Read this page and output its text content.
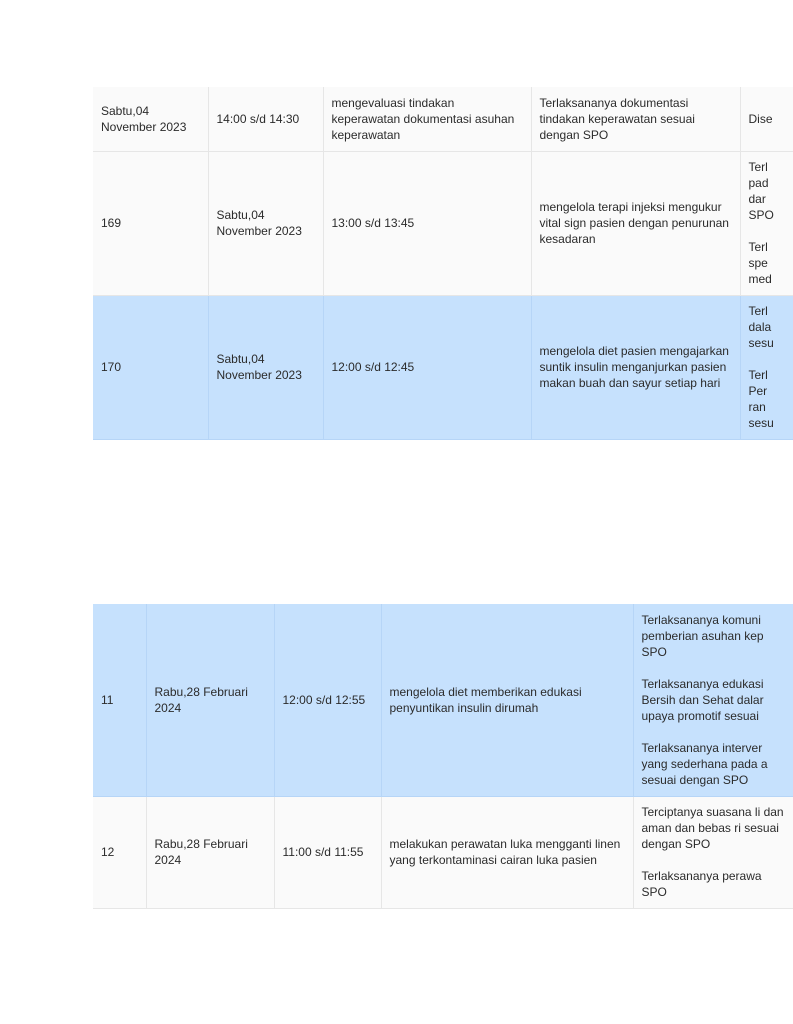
Sabtu,04 November 2023	14:00 s/d 14:30	mengevaluasi tindakan keperawatan dokumentasi asuhan keperawatan	Terlaksananya dokumentasi tindakan keperawatan sesuai dengan SPO	Dise

169	Sabtu,04 November 2023	13:00 s/d 13:45	mengelola terapi injeksi mengukur vital sign pasien dengan penurunan kesadaran	Terl pad dar SPO

Terl spe med

170	Sabtu,04 November 2023	12:00 s/d 12:45	mengelola diet pasien mengajarkan suntik insulin menganjurkan pasien makan buah dan sayur setiap hari	Terl dala sesu

Terl Per ran sesu

11	Rabu,28 Februari 2024	12:00 s/d 12:55	mengelola diet memberikan edukasi penyuntikan insulin dirumah	Terlaksananya komuni pemberian asuhan kep SPO

Terlaksananya edukasi Bersih dan Sehat dalar upaya promotif sesuai

Terlaksananya interver yang sederhana pada a sesuai dengan SPO

12	Rabu,28 Februari 2024	11:00 s/d 11:55	melakukan perawatan luka mengganti linen yang terkontaminasi cairan luka pasien	Terciptanya suasana li dan aman dan bebas ri sesuai dengan SPO

Terlaksananya perawa SPO
